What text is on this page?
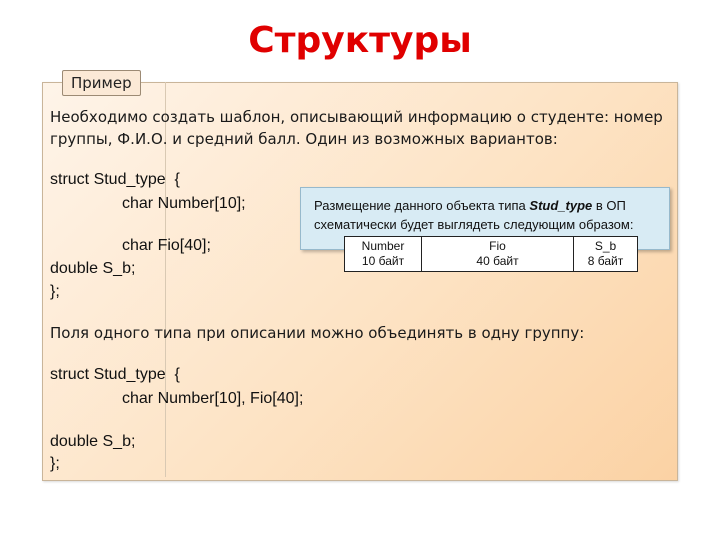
Структуры
Пример
Необходимо создать шаблон, описывающий информацию о студенте: номер
группы, Ф.И.О. и средний балл. Один из возможных вариантов:
struct Stud_type  {
char Number[10];
char Fio[40];
double S_b;
};
Размещение данного объекта типа Stud_type в ОП схематически будет выглядеть следующим образом:
Number
10 байт
Fio
40 байт
S_b
8 байт
Поля одного типа при описании можно объединять в одну группу:
struct Stud_type  {
char Number[10], Fio[40];
double S_b;
};
